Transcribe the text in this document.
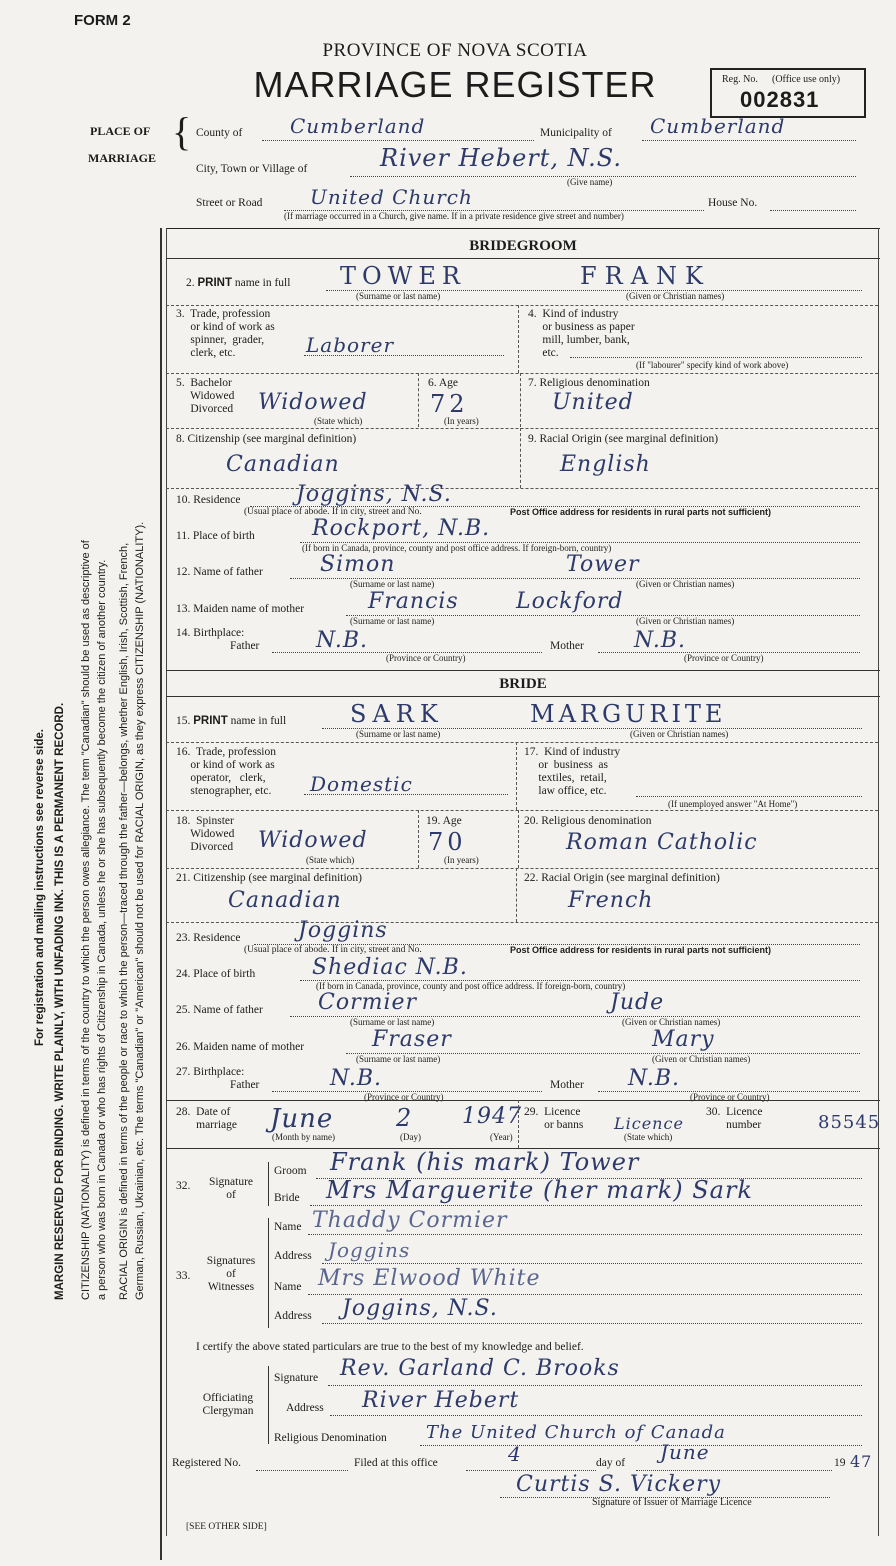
FORM 2
PROVINCE OF NOVA SCOTIA
MARRIAGE REGISTER	Reg. No. (Office use only)
002831
PLACE OF
MARRIAGE
{ County of Cumberland	Municipality of Cumberland
City, Town or Village of	River Hebert, N.S.
(Give name)
Street or Road United Church	House No.
(If marriage occurred in a Church, give name. If in a private residence give street and number)
For registration and mailing instructions see reverse side. MARGIN RESERVED FOR BINDING. WRITE PLAINLY, WITH UNFADING INK. THIS IS A PERMANENT RECORD. CITIZENSHIP (NATIONALITY) is defined in terms of the country to which the person owes allegiance. The term "Canadian" should be used as descriptive of a person who was born in Canada or who has rights of Citizenship in Canada, unless he or she has subsequently become the citizen of another country. RACIAL ORIGIN is defined in terms of the people or race to which the person—traced through the father—belongs, whether English, Irish, Scottish, French, German, Russian, Ukrainian, etc. The terms "Canadian" or "American" should not be used for RACIAL ORIGIN, as they express CITIZENSHIP (NATIONALITY).
BRIDEGROOM
2. PRINT name in full TOWER	FRANK
(Surname or last name)	(Given or Christian names)
3.  Trade, profession
or kind of work as
spinner,  grader,
clerk, etc.	Laborer
4.  Kind of industry
or business as paper
mill, lumber, bank,
etc.
(If "labourer" specify kind of work above)
5.  Bachelor
Widowed
Divorced Widowed
(State which)
6. Age
72
(In years)
7. Religious denomination
United
8. Citizenship (see marginal definition)
Canadian
9. Racial Origin (see marginal definition)
English
10. Residence	Joggins, N.S.
(Usual place of abode. If in city, street and No.	Post Office address for residents in rural parts not sufficient)
11. Place of birth	Rockport, N.B.
(If born in Canada, province, county and post office address. If foreign-born, country)
12. Name of father	Simon	Tower
(Surname or last name)	(Given or Christian names)
13. Maiden name of mother	Francis	Lockford
(Surname or last name)	(Given or Christian names)
14. Birthplace:
Father	N.B.
(Province or Country)
Mother N.B.
(Province or Country)
BRIDE
15. PRINT name in full	SARK	MARGURITE
(Surname or last name)	(Given or Christian names)
16.  Trade, profession
or kind of work as
operator,   clerk,
stenographer, etc. Domestic
17.  Kind of industry
or  business  as
textiles,  retail,
law office, etc.
(If unemployed answer "At Home")
18.  Spinster
Widowed
Divorced Widowed
(State which)
19. Age
70
(In years)
20. Religious denomination
Roman Catholic
21. Citizenship (see marginal definition)
Canadian
22. Racial Origin (see marginal definition)
French
23. Residence	Joggins
(Usual place of abode. If in city, street and No.	Post Office address for residents in rural parts not sufficient)
24. Place of birth	Shediac N.B.
(If born in Canada, province, county and post office address. If foreign-born, country)
25. Name of father	Cormier	Jude
(Surname or last name)	(Given or Christian names)
26. Maiden name of mother	Fraser	Mary
(Surname or last name)	(Given or Christian names)
27. Birthplace:
Father	N.B.
(Province or Country)
Mother N.B.
(Province or Country)
28.  Date of
marriage June	2 1947
(Month by name)	(Day)	(Year)
29.  Licence
or banns Licence
(State which)
30.  Licence
number	85545
32.	Signature
of
Groom Frank (his mark) Tower
Bride Mrs Marguerite (her mark) Sark
33.
Signatures
of
Witnesses
Name Thaddy Cormier
Address Joggins
Name Mrs Elwood White
Address Joggins, N.S.
I certify the above stated particulars are true to the best of my knowledge and belief.
Officiating
Clergyman
Signature Rev. Garland C. Brooks
Address River Hebert
Religious Denomination The United Church of Canada
Registered No.	Filed at this office	4	day of June	19 47
Curtis S. Vickery
Signature of Issuer of Marriage Licence
[SEE OTHER SIDE]
